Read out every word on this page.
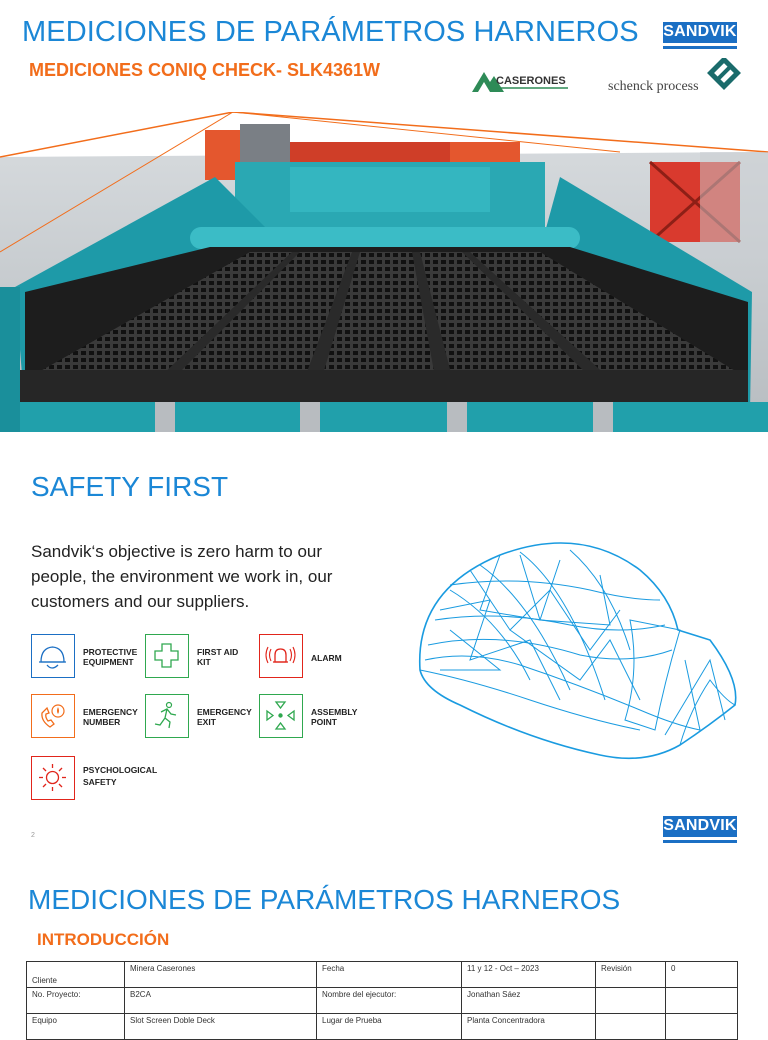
MEDICIONES DE PARÁMETROS HARNEROS
MEDICIONES CONIQ CHECK- SLK4361W
SANDVIK
CASERONES	schenck process
SAFETY FIRST
Sandvik‘s objective is zero harm to our people, the environment we work in, our customers and our suppliers.
PROTECTIVE
EQUIPMENT
FIRST AID
KIT	ALARM
EMERGENCY
NUMBER
EMERGENCY
EXIT
ASSEMBLY
POINT
PSYCHOLOGICAL
SAFETY
SANDVIK
2
MEDICIONES DE PARÁMETROS HARNEROS
INTRODUCCIÓN
Cliente	Minera Caserones	Fecha	11 y 12 - Oct – 2023	Revisión	0
No. Proyecto:	B2CA	Nombre del ejecutor:	Jonathan Sáez		
Equipo	Slot Screen Doble Deck	Lugar de Prueba	Planta Concentradora		
